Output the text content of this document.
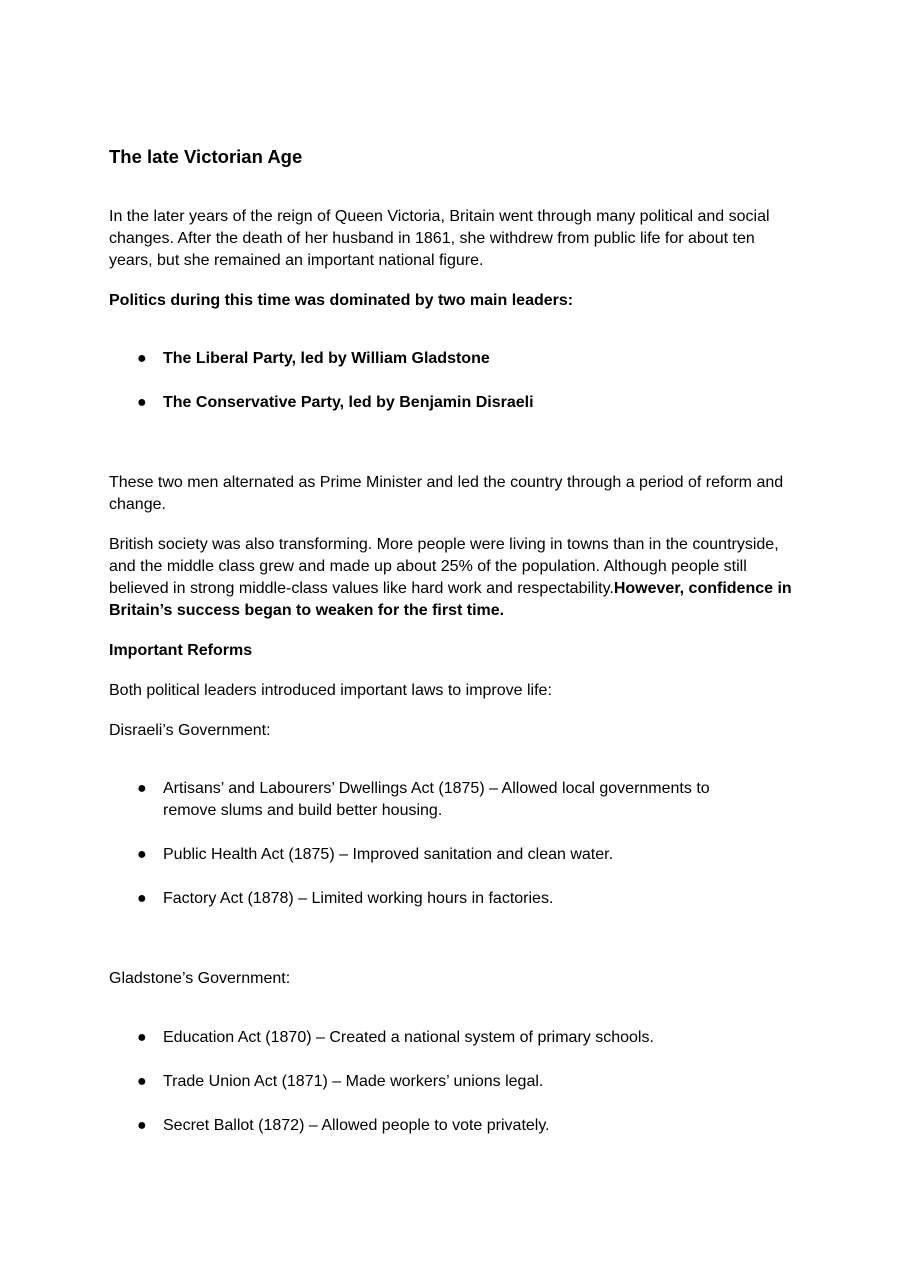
The late Victorian Age

In the later years of the reign of Queen Victoria, Britain went through many political and social changes. After the death of her husband in 1861, she withdrew from public life for about ten years, but she remained an important national figure.

Politics during this time was dominated by two main leaders:

●	The Liberal Party, led by William Gladstone
●	The Conservative Party, led by Benjamin Disraeli

These two men alternated as Prime Minister and led the country through a period of reform and change.

British society was also transforming. More people were living in towns than in the countryside, and the middle class grew and made up about 25% of the population. Although people still believed in strong middle-class values like hard work and respectability.However, confidence in Britain’s success began to weaken for the first time.

Important Reforms

Both political leaders introduced important laws to improve life:

Disraeli’s Government:

●	Artisans’ and Labourers’ Dwellings Act (1875) – Allowed local governments to remove slums and build better housing.
●	Public Health Act (1875) – Improved sanitation and clean water.
●	Factory Act (1878) – Limited working hours in factories.

Gladstone’s Government:

●	Education Act (1870) – Created a national system of primary schools.
●	Trade Union Act (1871) – Made workers’ unions legal.
●	Secret Ballot (1872) – Allowed people to vote privately.
